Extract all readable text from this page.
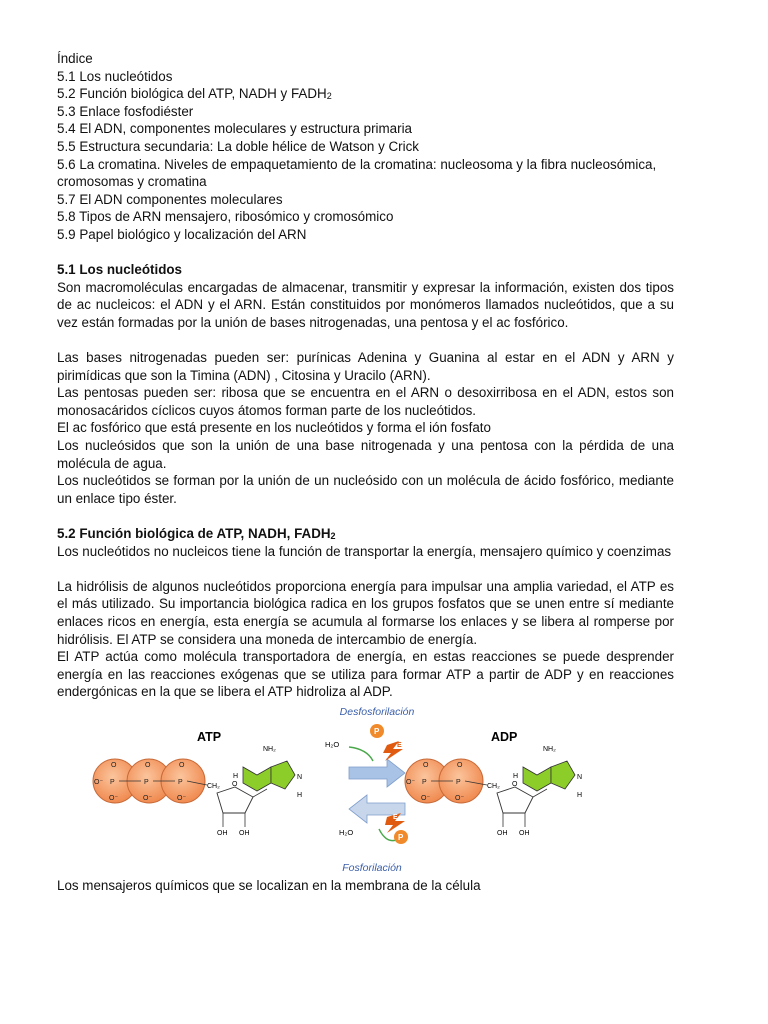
Índice
5.1 Los nucleótidos
5.2 Función biológica del ATP, NADH y $FADH_2$
5.3 Enlace fosfodiéster
5.4 El ADN, componentes moleculares y estructura primaria
5.5 Estructura secundaria: La doble hélice de Watson y Crick
5.6 La cromatina. Niveles de empaquetamiento de la cromatina: nucleosoma y la fibra nucleosómica, cromosomas y cromatina
5.7 El ADN componentes moleculares
5.8 Tipos de ARN mensajero, ribosómico y cromosómico
5.9 Papel biológico y localización del ARN
5.1 Los nucleótidos

Son macromoléculas encargadas de almacenar, transmitir y expresar la información, existen dos tipos de ac nucleicos: el ADN y el ARN. Están constituidos por monómeros llamados nucleótidos, que a su vez están formadas por la unión de bases nitrogenadas, una pentosa y el ac fosfórico.

Las bases nitrogenadas pueden ser: purínicas Adenina y Guanina al estar en el ADN y ARN y pirimídicas que son la Timina (ADN) , Citosina y Uracilo (ARN).

Las pentosas pueden ser: ribosa que se encuentra en el ARN o desoxirribosa en el ADN, estos son monosacáridos cíclicos cuyos átomos forman parte de los nucleótidos.

El ac fosfórico que está presente en los nucleótidos y forma el ión fosfato

Los nucleósidos que son la unión de una base nitrogenada y una pentosa con la pérdida de una molécula de agua.

Los nucleótidos se forman por la unión de un nucleósido con un molécula de ácido fosfórico, mediante un enlace tipo éster.

5.2 Función biológica de ATP, NADH, $FADH_2$

Los nucleótidos no nucleicos tiene la función de transportar la energía, mensajero químico y coenzimas

La hidrólisis de algunos nucleótidos proporciona energía para impulsar una amplia variedad, el ATP es el más utilizado. Su importancia biológica radica en los grupos fosfatos que se unen entre sí mediante enlaces ricos en energía, esta energía se acumula al formarse los enlaces y se libera al romperse por hidrólisis. El ATP se considera una moneda de intercambio de energía.

El ATP actúa como molécula transportadora de energía, en estas reacciones se puede desprender energía en las reacciones exógenas que se utiliza para formar ATP a partir de ADP y en reacciones endergónicas en la que se libera el ATP hidroliza al ADP.

Desfosforilación
Fosforilación
ATP	ADP
P	P	P
O	O	O
O⁻
O⁻	O⁻	O⁻
CH₂ O
OH OH
NH₂
H	N
H
H₂O
H₂O
P
P
E
E
P	P
O	O
O⁻
O⁻	O⁻
CH₂ O
OH OH
NH₂
H	N
H

Los mensajeros químicos que se localizan en la membrana de la célula
